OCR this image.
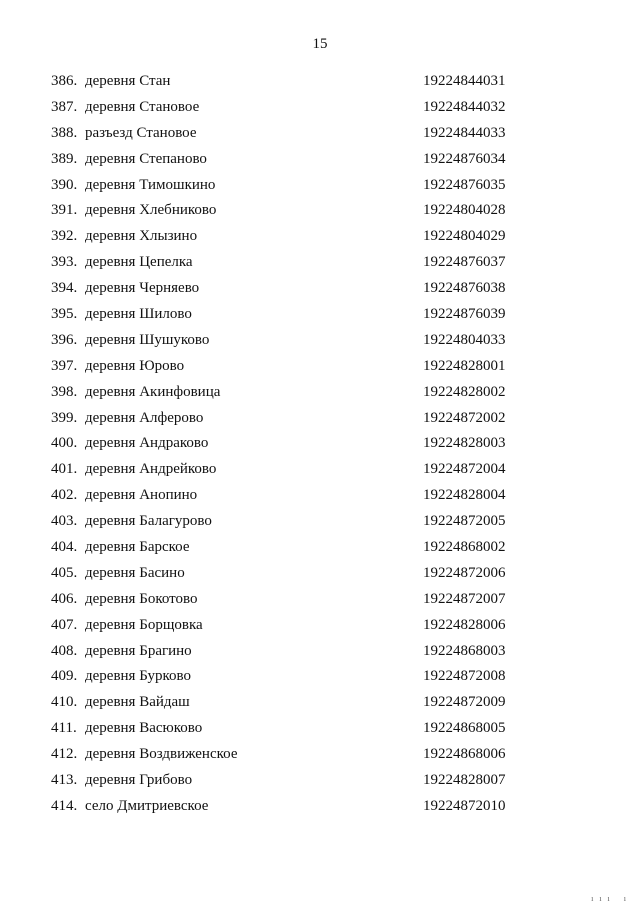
15
386. деревня Стан	19224844031
387. деревня Становое	19224844032
388. разъезд Становое	19224844033
389. деревня Степаново	19224876034
390. деревня Тимошкино	19224876035
391. деревня Хлебниково	19224804028
392. деревня Хлызино	19224804029
393. деревня Цепелка	19224876037
394. деревня Черняево	19224876038
395. деревня Шилово	19224876039
396. деревня Шушуково	19224804033
397. деревня Юрово	19224828001
398. деревня Акинфовица	19224828002
399. деревня Алферово	19224872002
400. деревня Андраково	19224828003
401. деревня Андрейково	19224872004
402. деревня Анопино	19224828004
403. деревня Балагурово	19224872005
404. деревня Барское	19224868002
405. деревня Басино	19224872006
406. деревня Бокотово	19224872007
407. деревня Борщовка	19224828006
408. деревня Брагино	19224868003
409. деревня Бурково	19224872008
410. деревня Вайдаш	19224872009
411. деревня Васюково	19224868005
412. деревня Воздвиженское	19224868006
413. деревня Грибово	19224828007
414. село Дмитриевское	19224872010
ı ı ı   ı
